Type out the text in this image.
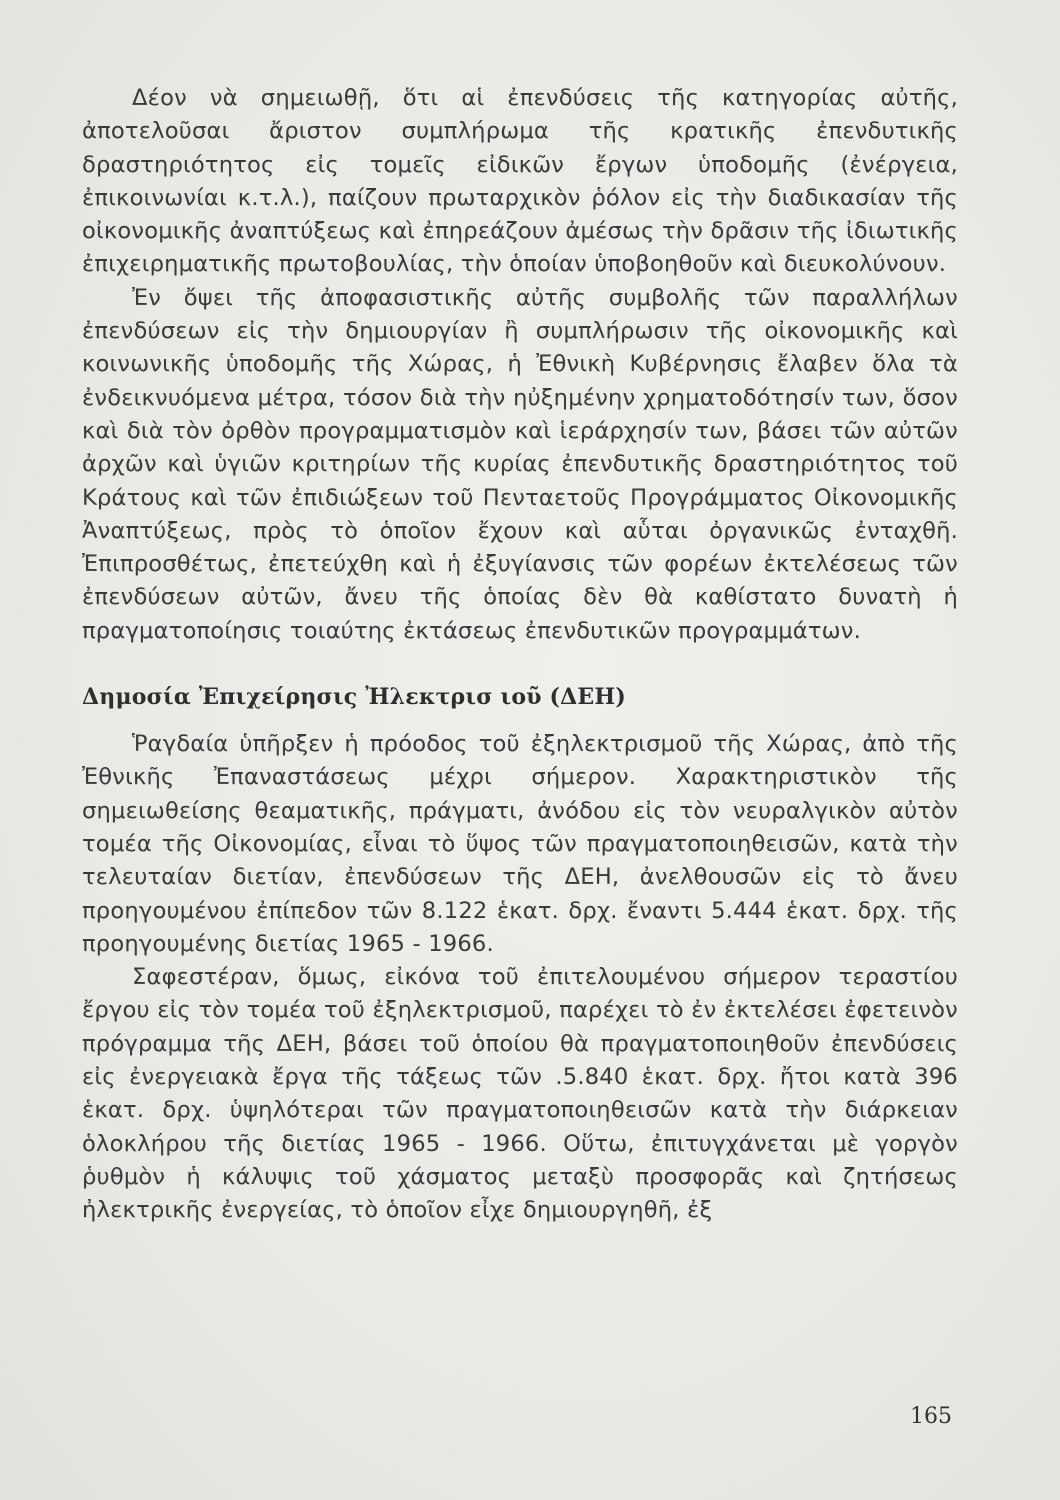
Δέον νὰ σημειωθῇ, ὅτι αἱ ἐπενδύσεις τῆς κατηγορίας αὐτῆς, ἀποτελοῦσαι ἄριστον συμπλήρωμα τῆς κρατικῆς ἐπενδυτικῆς δραστηριότητος εἰς τομεῖς εἰδικῶν ἔργων ὑποδομῆς (ἐνέργεια, ἐπικοινωνίαι κ.τ.λ.), παίζουν πρωταρχικὸν ῥόλον εἰς τὴν διαδικασίαν τῆς οἰκονομικῆς ἀναπτύξεως καὶ ἐπηρεάζουν ἀμέσως τὴν δρᾶσιν τῆς ἰδιωτικῆς ἐπιχειρηματικῆς πρωτοβουλίας, τὴν ὁποίαν ὑποβοηθοῦν καὶ διευκολύνουν.

Ἐν ὄψει τῆς ἀποφασιστικῆς αὐτῆς συμβολῆς τῶν παραλλήλων ἐπενδύσεων εἰς τὴν δημιουργίαν ἢ συμπλήρωσιν τῆς οἰκονομικῆς καὶ κοινωνικῆς ὑποδομῆς τῆς Χώρας, ἡ Ἐθνικὴ Κυβέρνησις ἔλαβεν ὅλα τὰ ἐνδεικνυόμενα μέτρα, τόσον διὰ τὴν ηὐξημένην χρηματοδότησίν των, ὅσον καὶ διὰ τὸν ὀρθὸν προγραμματισμὸν καὶ ἱεράρχησίν των, βάσει τῶν αὐτῶν ἀρχῶν καὶ ὑγιῶν κριτηρίων τῆς κυρίας ἐπενδυτικῆς δραστηριότητος τοῦ Κράτους καὶ τῶν ἐπιδιώξεων τοῦ Πενταετοῦς Προγράμματος Οἰκονομικῆς Ἀναπτύξεως, πρὸς τὸ ὁποῖον ἔχουν καὶ αὗται ὀργανικῶς ἐνταχθῆ. Ἐπιπροσθέτως, ἐπετεύχθη καὶ ἡ ἐξυγίανσις τῶν φορέων ἐκτελέσεως τῶν ἐπενδύσεων αὐτῶν, ἄνευ τῆς ὁποίας δὲν θὰ καθίστατο δυνατὴ ἡ πραγματοποίησις τοιαύτης ἐκτάσεως ἐπενδυτικῶν προγραμμάτων.

Δημοσία Ἐπιχείρησις Ἠλεκτρισ ιοῦ (ΔΕΗ)

Ῥαγδαία ὑπῆρξεν ἡ πρόοδος τοῦ ἐξηλεκτρισμοῦ τῆς Χώρας, ἀπὸ τῆς Ἐθνικῆς Ἐπαναστάσεως μέχρι σήμερον. Χαρακτηριστικὸν τῆς σημειωθείσης θεαματικῆς, πράγματι, ἀνόδου εἰς τὸν νευραλγικὸν αὐτὸν τομέα τῆς Οἰκονομίας, εἶναι τὸ ὕψος τῶν πραγματοποιηθεισῶν, κατὰ τὴν τελευταίαν διετίαν, ἐπενδύσεων τῆς ΔΕΗ, ἀνελθουσῶν εἰς τὸ ἄνευ προηγουμένου ἐπίπεδον τῶν 8.122 ἑκατ. δρχ. ἔναντι 5.444 ἑκατ. δρχ. τῆς προηγουμένης διετίας 1965 - 1966.

Σαφεστέραν, ὅμως, εἰκόνα τοῦ ἐπιτελουμένου σήμερον τεραστίου ἔργου εἰς τὸν τομέα τοῦ ἐξηλεκτρισμοῦ, παρέχει τὸ ἐν ἐκτελέσει ἐφετεινὸν πρόγραμμα τῆς ΔΕΗ, βάσει τοῦ ὁποίου θὰ πραγματοποιηθοῦν ἐπενδύσεις εἰς ἐνεργειακὰ ἔργα τῆς τάξεως τῶν .5.840 ἑκατ. δρχ. ἤτοι κατὰ 396 ἑκατ. δρχ. ὑψηλότεραι τῶν πραγματοποιηθεισῶν κατὰ τὴν διάρκειαν ὁλοκλήρου τῆς διετίας 1965 - 1966. Οὕτω, ἐπιτυγχάνεται μὲ γοργὸν ῥυθμὸν ἡ κάλυψις τοῦ χάσματος μεταξὺ προσφορᾶς καὶ ζητήσεως ἠλεκτρικῆς ἐνεργείας, τὸ ὁποῖον εἶχε δημιουργηθῆ, ἐξ

165
